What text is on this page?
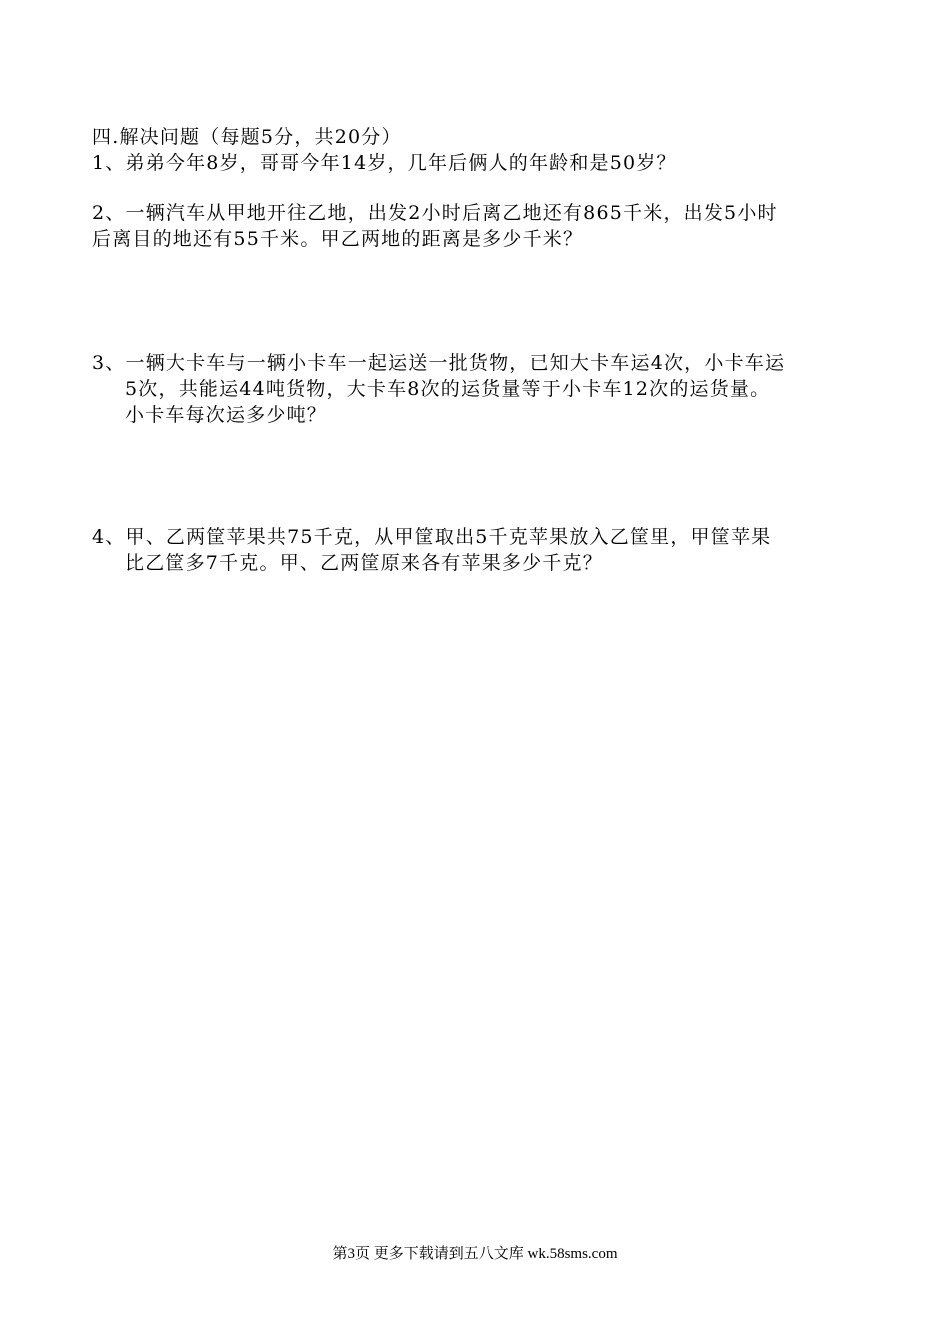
四.解决问题（每题5分，共20分）
1、弟弟今年8岁，哥哥今年14岁，几年后俩人的年龄和是50岁？
2、一辆汽车从甲地开往乙地，出发2小时后离乙地还有865千米，出发5小时
后离目的地还有55千米。甲乙两地的距离是多少千米？
3、一辆大卡车与一辆小卡车一起运送一批货物，已知大卡车运4次，小卡车运
5次，共能运44吨货物，大卡车8次的运货量等于小卡车12次的运货量。
小卡车每次运多少吨？
4、甲、乙两筐苹果共75千克，从甲筐取出5千克苹果放入乙筐里，甲筐苹果
比乙筐多7千克。甲、乙两筐原来各有苹果多少千克？
第3页 更多下载请到五八文库 wk.58sms.com
